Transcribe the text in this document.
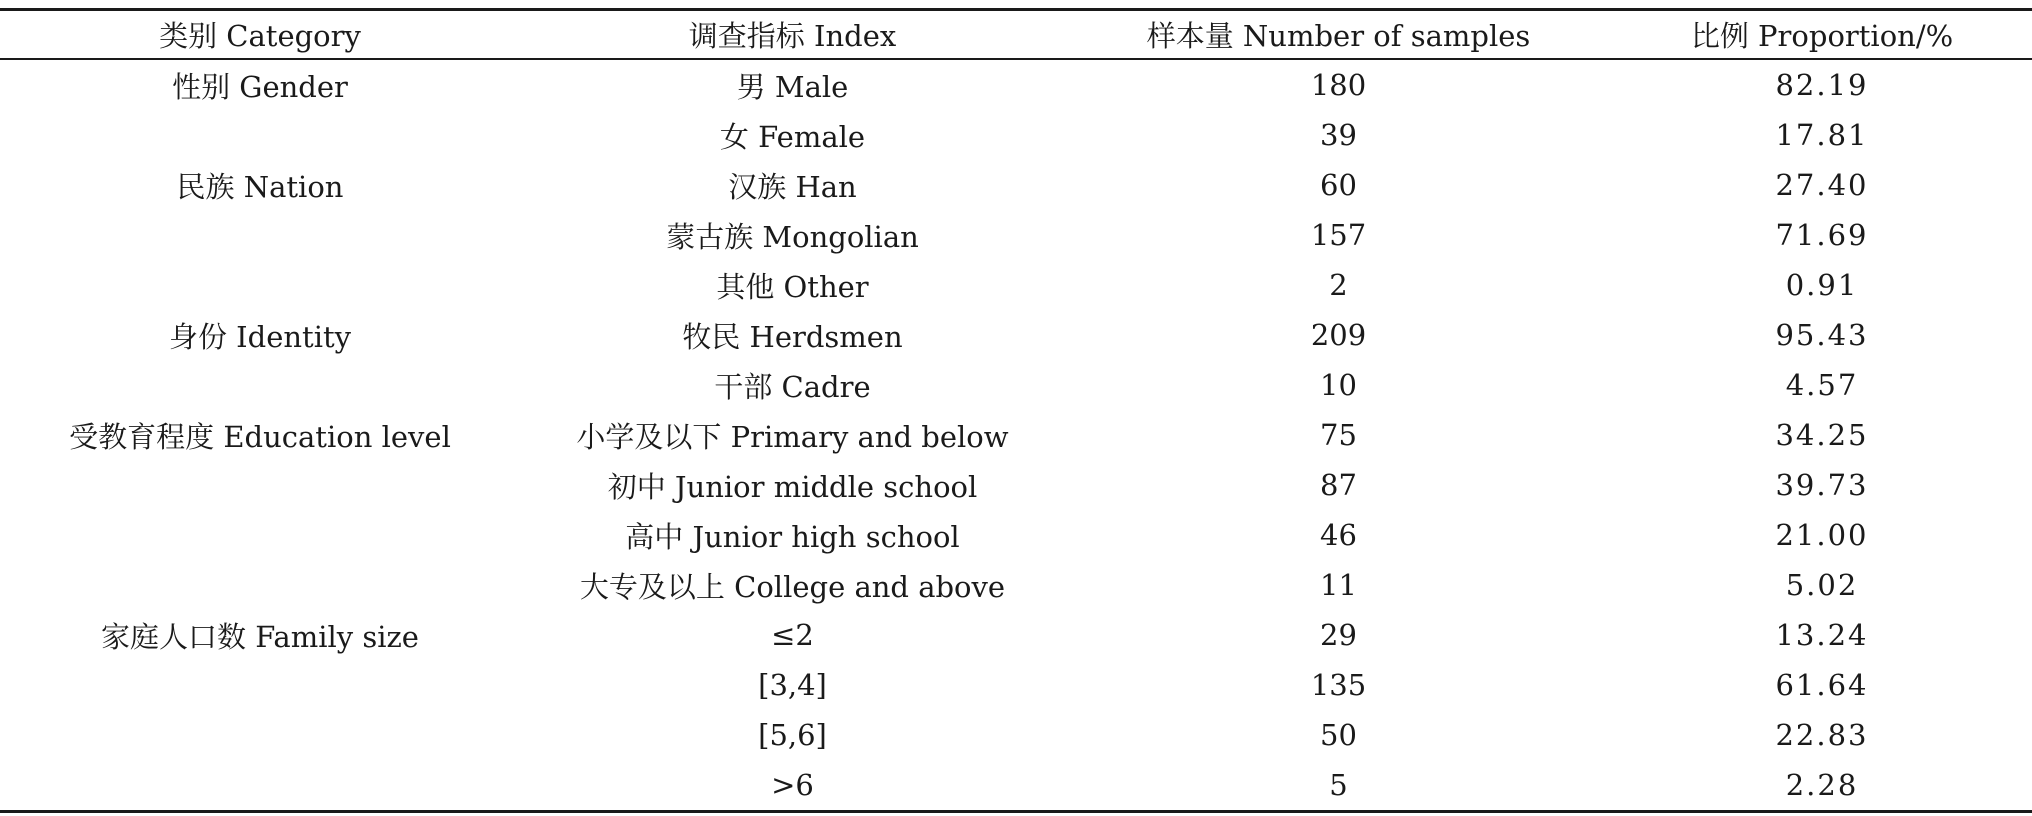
类别 Category	调查指标 Index	样本量 Number of samples	比例 Proportion/%
性别 Gender	男 Male	180	82.19
	女 Female	39	17.81
民族 Nation	汉族 Han	60	27.40
	蒙古族 Mongolian	157	71.69
	其他 Other	2	0.91
身份 Identity	牧民 Herdsmen	209	95.43
	干部 Cadre	10	4.57
受教育程度 Education level	小学及以下 Primary and below	75	34.25
	初中 Junior middle school	87	39.73
	高中 Junior high school	46	21.00
	大专及以上 College and above	11	5.02
家庭人口数 Family size	≤2	29	13.24
	[3,4]	135	61.64
	[5,6]	50	22.83
	>6	5	2.28
